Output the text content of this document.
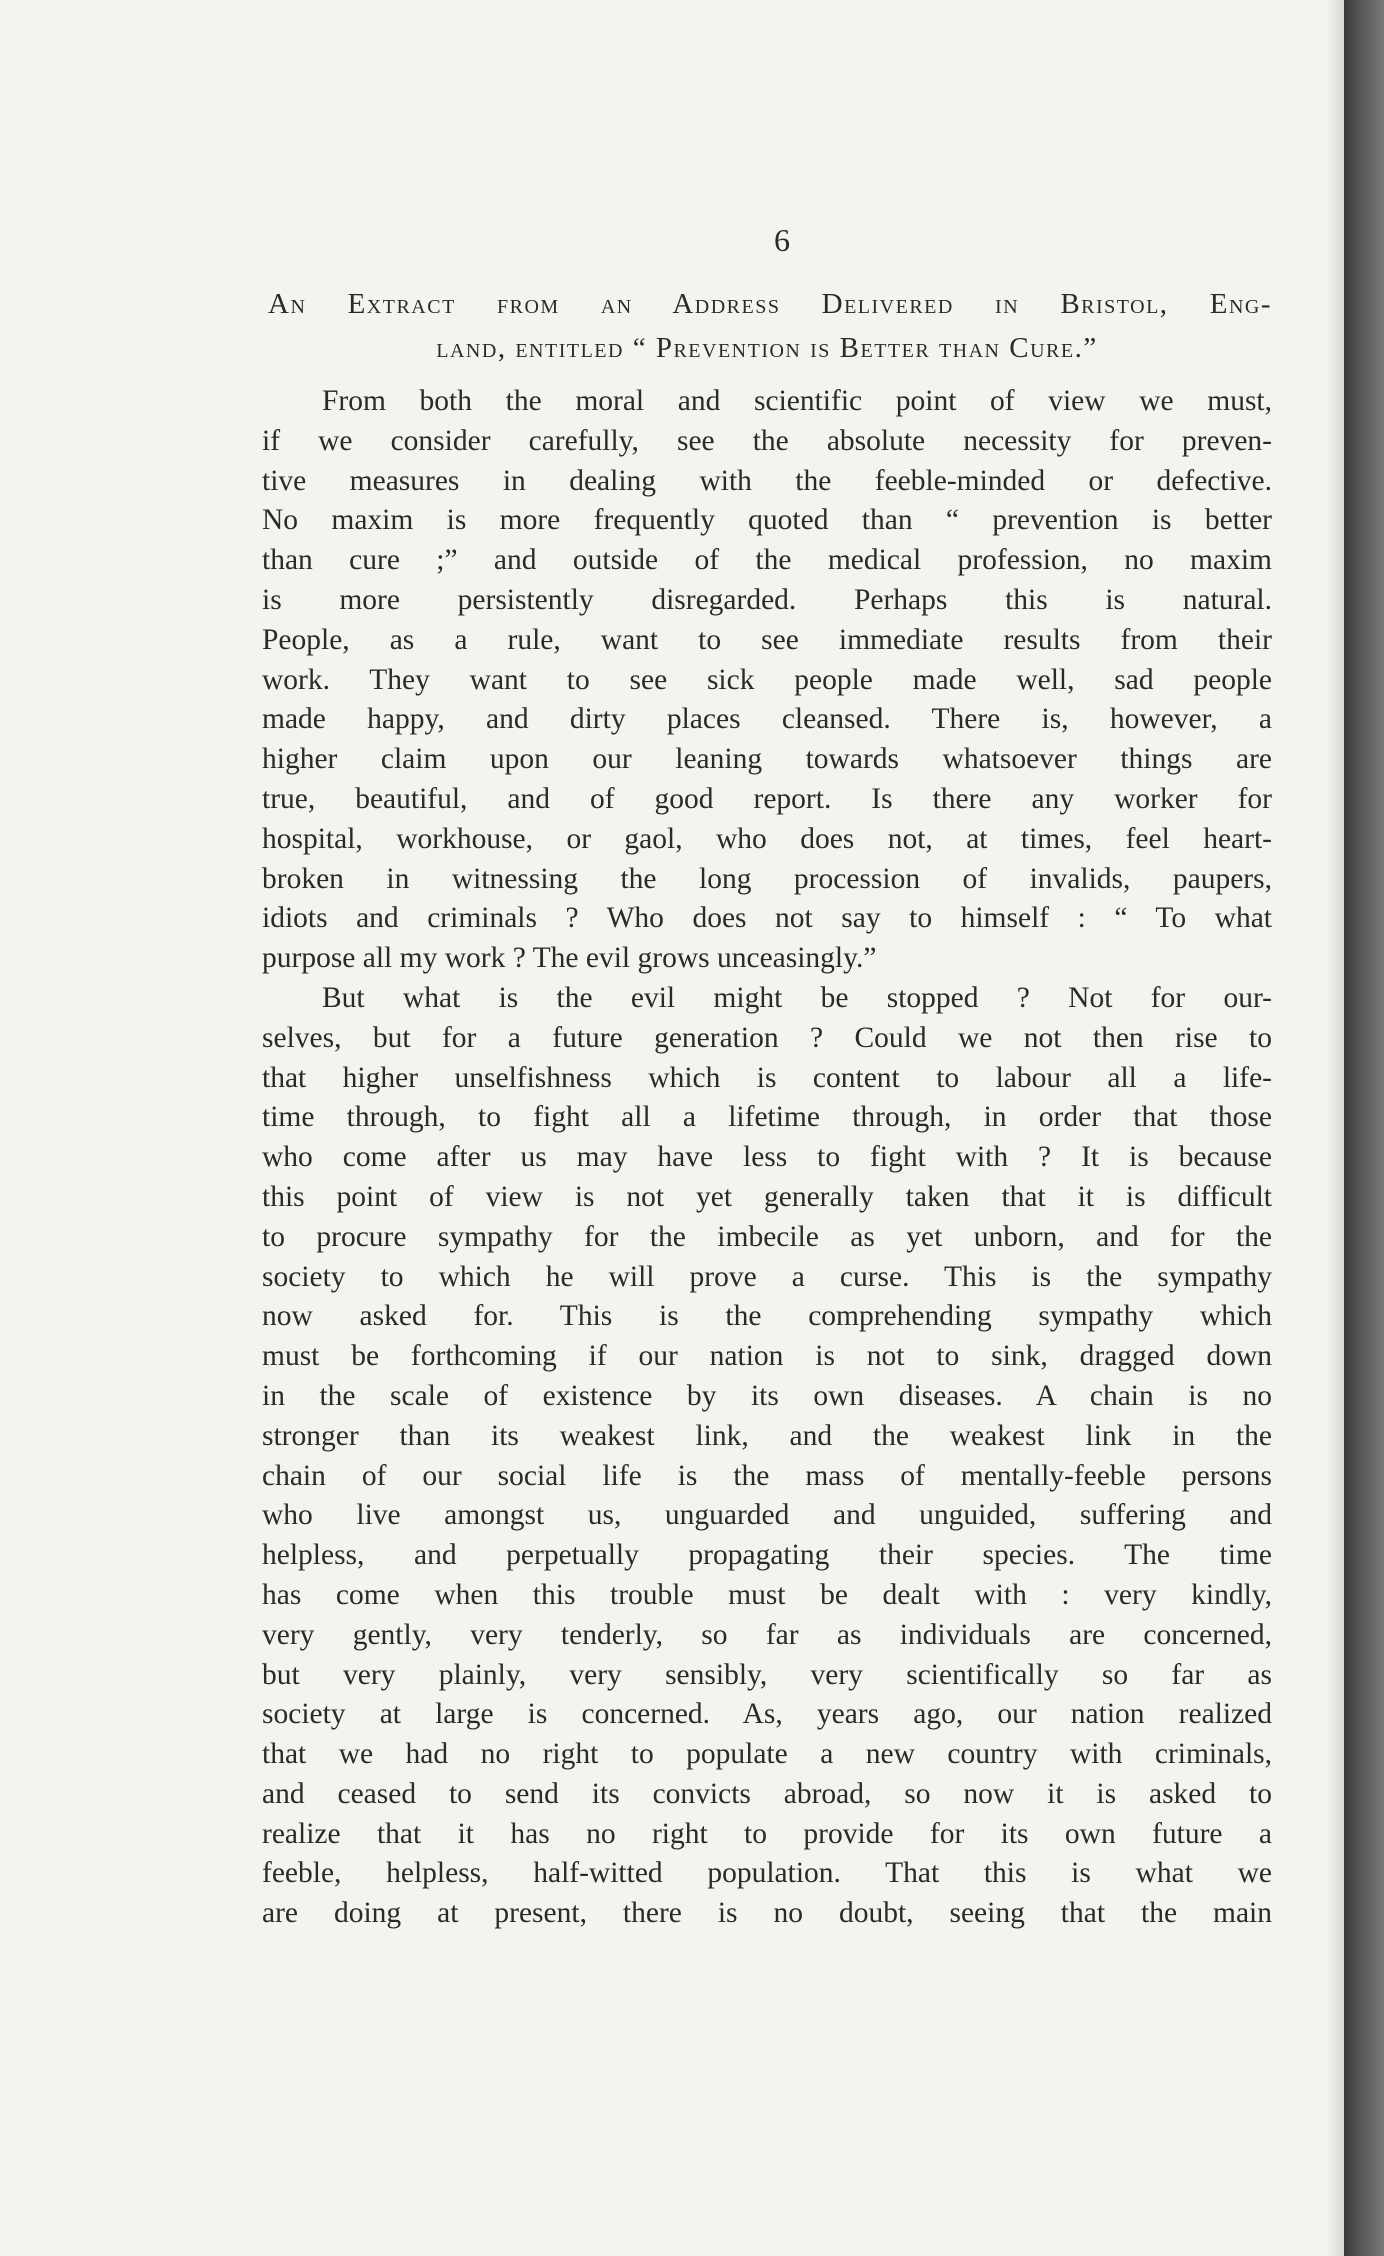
6
An Extract from an Address Delivered in Bristol, Eng-
land, entitled “ Prevention is Better than Cure.”
From both the moral and scientific point of view we must,
if we consider carefully, see the absolute necessity for preven-
tive measures in dealing with the feeble-minded or defective.
No maxim is more frequently quoted than “ prevention is better
than cure ;” and outside of the medical profession, no maxim
is more persistently disregarded. Perhaps this is natural.
People, as a rule, want to see immediate results from their
work. They want to see sick people made well, sad people
made happy, and dirty places cleansed. There is, however, a
higher claim upon our leaning towards whatsoever things are
true, beautiful, and of good report. Is there any worker for
hospital, workhouse, or gaol, who does not, at times, feel heart-
broken in witnessing the long procession of invalids, paupers,
idiots and criminals ? Who does not say to himself : “ To what
purpose all my work ? The evil grows unceasingly.”
But what is the evil might be stopped ? Not for our-
selves, but for a future generation ? Could we not then rise to
that higher unselfishness which is content to labour all a life-
time through, to fight all a lifetime through, in order that those
who come after us may have less to fight with ? It is because
this point of view is not yet generally taken that it is difficult
to procure sympathy for the imbecile as yet unborn, and for the
society to which he will prove a curse. This is the sympathy
now asked for. This is the comprehending sympathy which
must be forthcoming if our nation is not to sink, dragged down
in the scale of existence by its own diseases. A chain is no
stronger than its weakest link, and the weakest link in the
chain of our social life is the mass of mentally-feeble persons
who live amongst us, unguarded and unguided, suffering and
helpless, and perpetually propagating their species. The time
has come when this trouble must be dealt with : very kindly,
very gently, very tenderly, so far as individuals are concerned,
but very plainly, very sensibly, very scientifically so far as
society at large is concerned. As, years ago, our nation realized
that we had no right to populate a new country with criminals,
and ceased to send its convicts abroad, so now it is asked to
realize that it has no right to provide for its own future a
feeble, helpless, half-witted population. That this is what we
are doing at present, there is no doubt, seeing that the main
